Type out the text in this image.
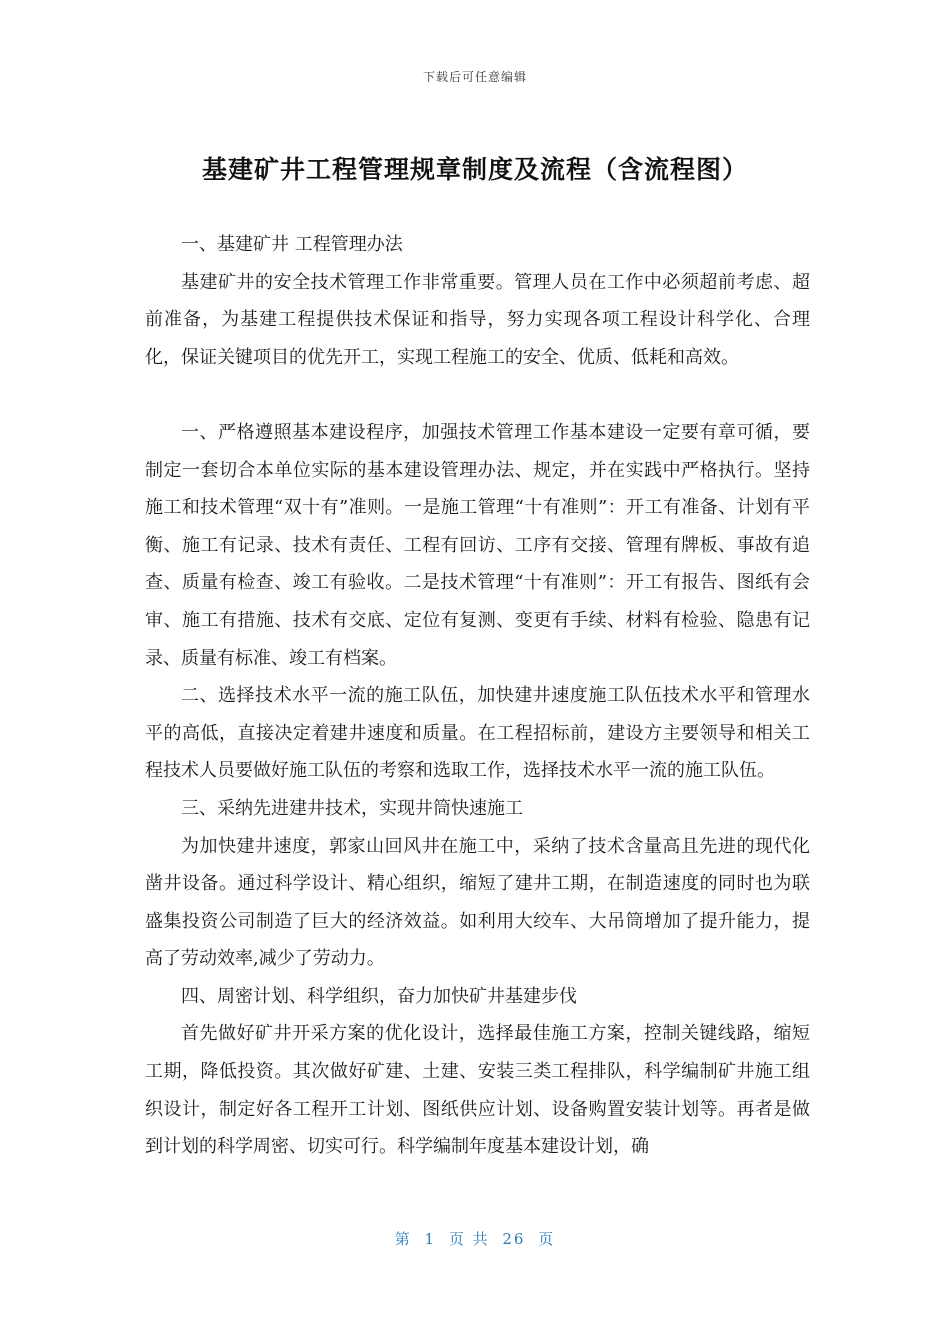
下载后可任意编辑
基建矿井工程管理规章制度及流程（含流程图）

一、基建矿井 工程管理办法

基建矿井的安全技术管理工作非常重要。管理人员在工作中必须超前考虑、超前准备，为基建工程提供技术保证和指导，努力实现各项工程设计科学化、合理化，保证关键项目的优先开工，实现工程施工的安全、优质、低耗和高效。

一、严格遵照基本建设程序，加强技术管理工作基本建设一定要有章可循，要制定一套切合本单位实际的基本建设管理办法、规定，并在实践中严格执行。坚持施工和技术管理“双十有”准则。一是施工管理“十有准则”：开工有准备、计划有平衡、施工有记录、技术有责任、工程有回访、工序有交接、管理有牌板、事故有追查、质量有检查、竣工有验收。二是技术管理“十有准则”：开工有报告、图纸有会审、施工有措施、技术有交底、定位有复测、变更有手续、材料有检验、隐患有记录、质量有标准、竣工有档案。

二、选择技术水平一流的施工队伍，加快建井速度施工队伍技术水平和管理水平的高低，直接决定着建井速度和质量。在工程招标前，建设方主要领导和相关工程技术人员要做好施工队伍的考察和选取工作，选择技术水平一流的施工队伍。

三、采纳先进建井技术，实现井筒快速施工

为加快建井速度，郭家山回风井在施工中，采纳了技术含量高且先进的现代化凿井设备。通过科学设计、精心组织，缩短了建井工期，在制造速度的同时也为联盛集投资公司制造了巨大的经济效益。如利用大绞车、大吊筒增加了提升能力，提高了劳动效率,减少了劳动力。

四、周密计划、科学组织，奋力加快矿井基建步伐

首先做好矿井开采方案的优化设计，选择最佳施工方案，控制关键线路，缩短工期，降低投资。其次做好矿建、土建、安装三类工程排队，科学编制矿井施工组织设计，制定好各工程开工计划、图纸供应计划、设备购置安装计划等。再者是做到计划的科学周密、切实可行。科学编制年度基本建设计划，确

第 1 页 共 26 页
